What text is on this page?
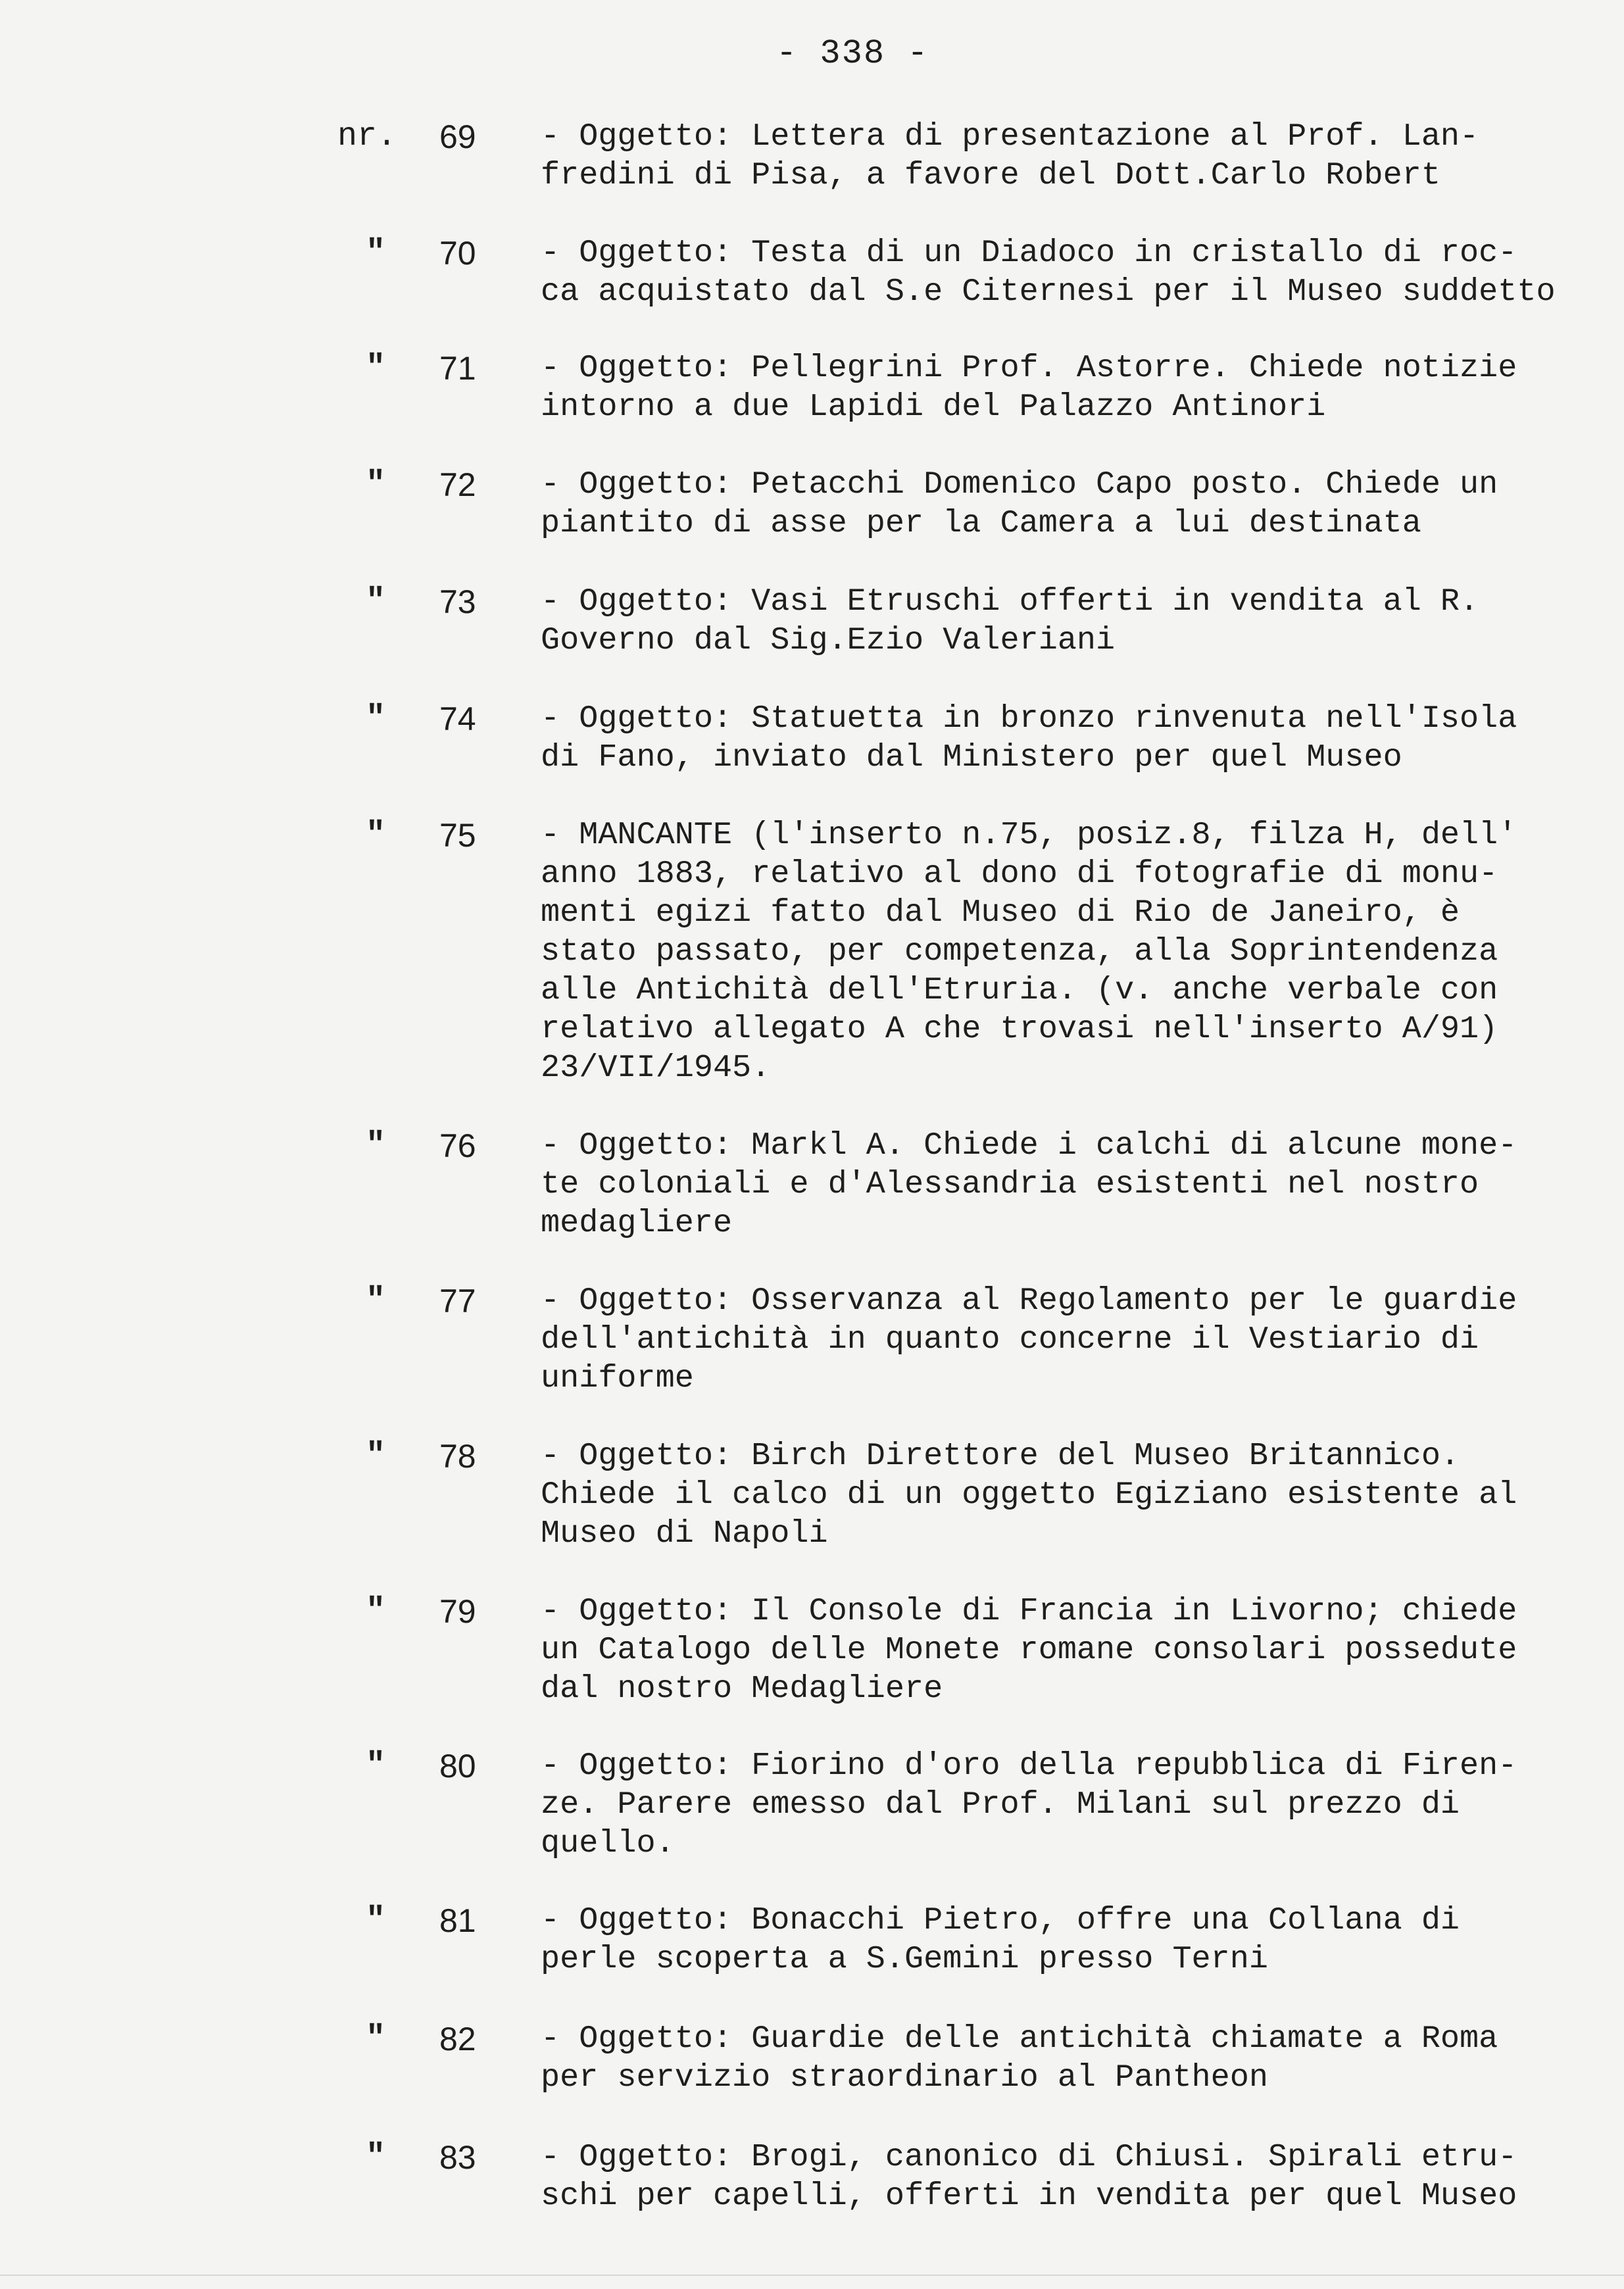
- 338 -
nr. 69 - Oggetto: Lettera di presentazione al Prof. Lan-
fredini di Pisa, a favore del Dott.Carlo Robert
" 70 - Oggetto: Testa di un Diadoco in cristallo di roc-
ca acquistato dal S.e Citernesi per il Museo suddetto
" 71 - Oggetto: Pellegrini Prof. Astorre. Chiede notizie
intorno a due Lapidi del Palazzo Antinori
" 72 - Oggetto: Petacchi Domenico Capo posto. Chiede un
piantito di asse per la Camera a lui destinata
" 73 - Oggetto: Vasi Etruschi offerti in vendita al R.
Governo dal Sig.Ezio Valeriani
" 74 - Oggetto: Statuetta in bronzo rinvenuta nell'Isola
di Fano, inviato dal Ministero per quel Museo
" 75 - MANCANTE (l'inserto n.75, posiz.8, filza H, dell'
anno 1883, relativo al dono di fotografie di monu-
menti egizi fatto dal Museo di Rio de Janeiro, è
stato passato, per competenza, alla Soprintendenza
alle Antichità dell'Etruria. (v. anche verbale con
relativo allegato A che trovasi nell'inserto A/91)
23/VII/1945.
" 76 - Oggetto: Markl A. Chiede i calchi di alcune mone-
te coloniali e d'Alessandria esistenti nel nostro
medagliere
" 77 - Oggetto: Osservanza al Regolamento per le guardie
dell'antichità in quanto concerne il Vestiario di
uniforme
" 78 - Oggetto: Birch Direttore del Museo Britannico.
Chiede il calco di un oggetto Egiziano esistente al
Museo di Napoli
" 79 - Oggetto: Il Console di Francia in Livorno; chiede
un Catalogo delle Monete romane consolari possedute
dal nostro Medagliere
" 80 - Oggetto: Fiorino d'oro della repubblica di Firen-
ze. Parere emesso dal Prof. Milani sul prezzo di
quello.
" 81 - Oggetto: Bonacchi Pietro, offre una Collana di
perle scoperta a S.Gemini presso Terni
" 82 - Oggetto: Guardie delle antichità chiamate a Roma
per servizio straordinario al Pantheon
" 83 - Oggetto: Brogi, canonico di Chiusi. Spirali etru-
schi per capelli, offerti in vendita per quel Museo
